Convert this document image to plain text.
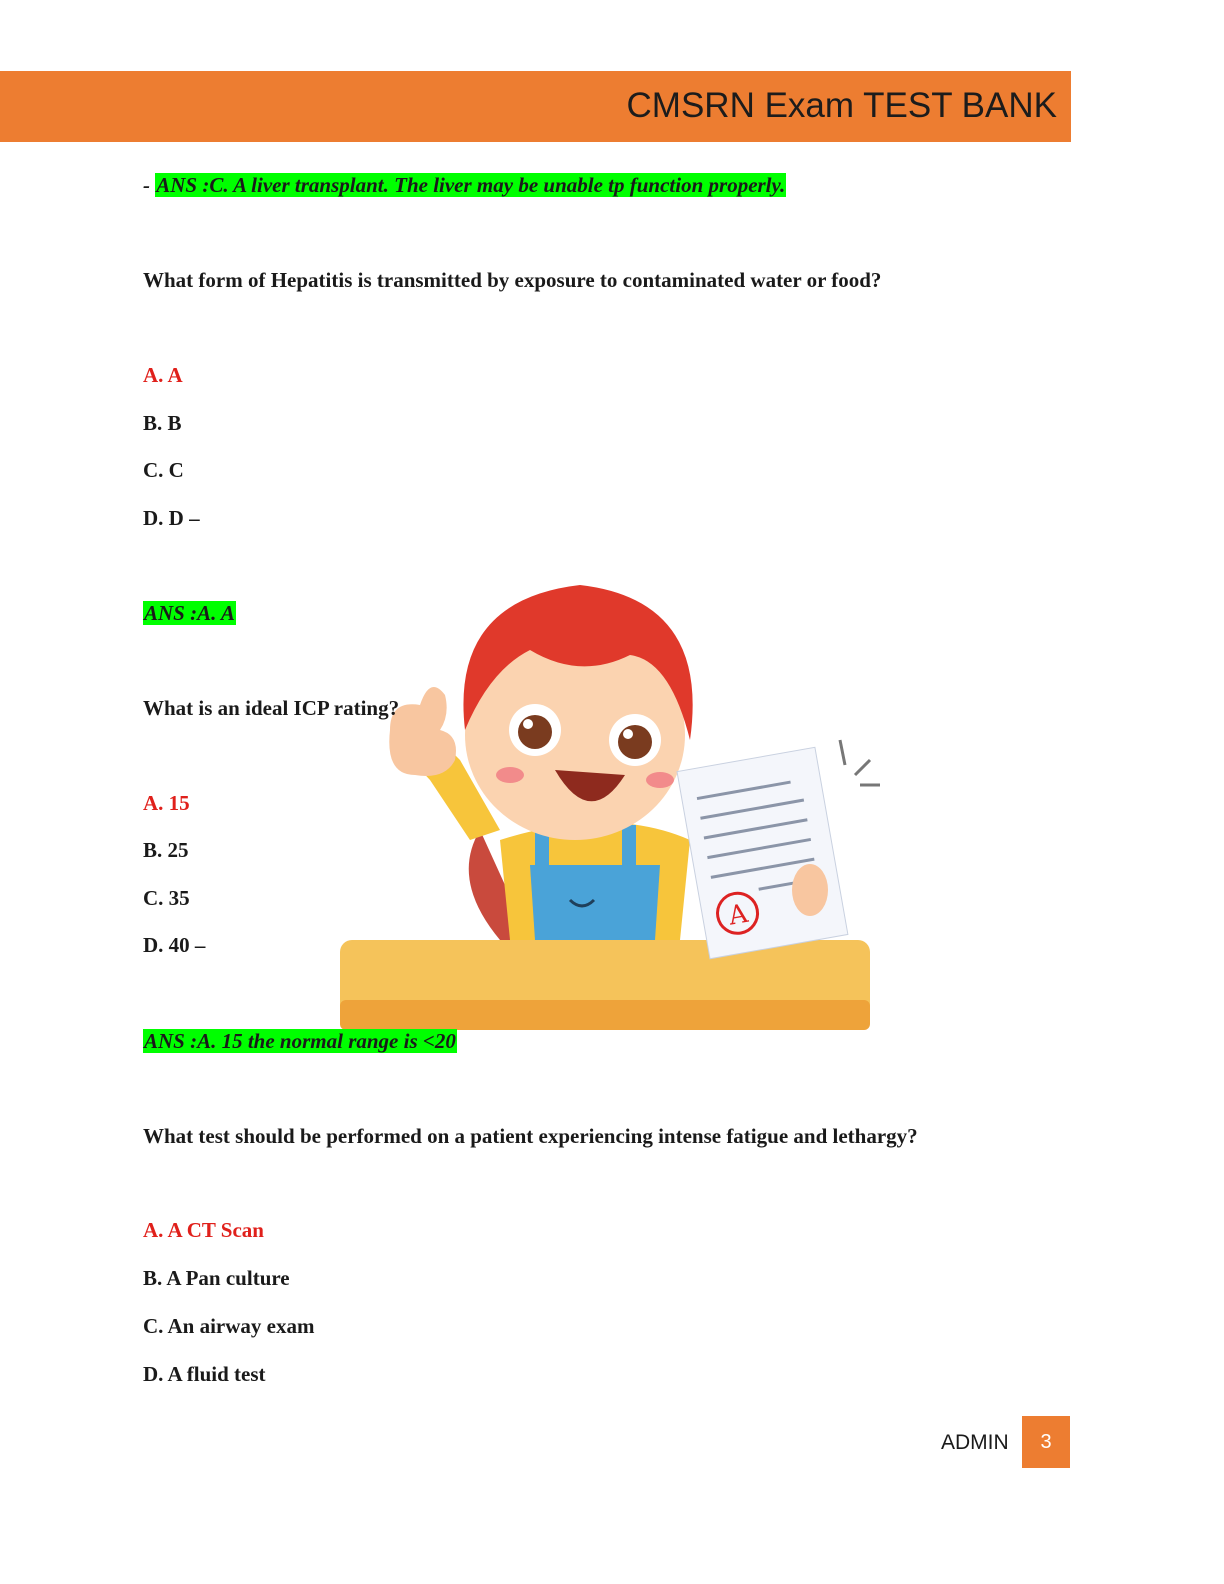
CMSRN Exam TEST BANK
- ANS :C. A liver transplant. The liver may be unable tp function properly.
What form of Hepatitis is transmitted by exposure to contaminated water or food?
A. A
B. B
C. C
D. D –
ANS :A. A
A
What is an ideal ICP rating?
A. 15
B. 25
C. 35
D. 40 –
ANS :A. 15 the normal range is <20
What test should be performed on a patient experiencing intense fatigue and lethargy?
A. A CT Scan
B. A Pan culture
C. An airway exam
D. A fluid test
ADMIN	3
